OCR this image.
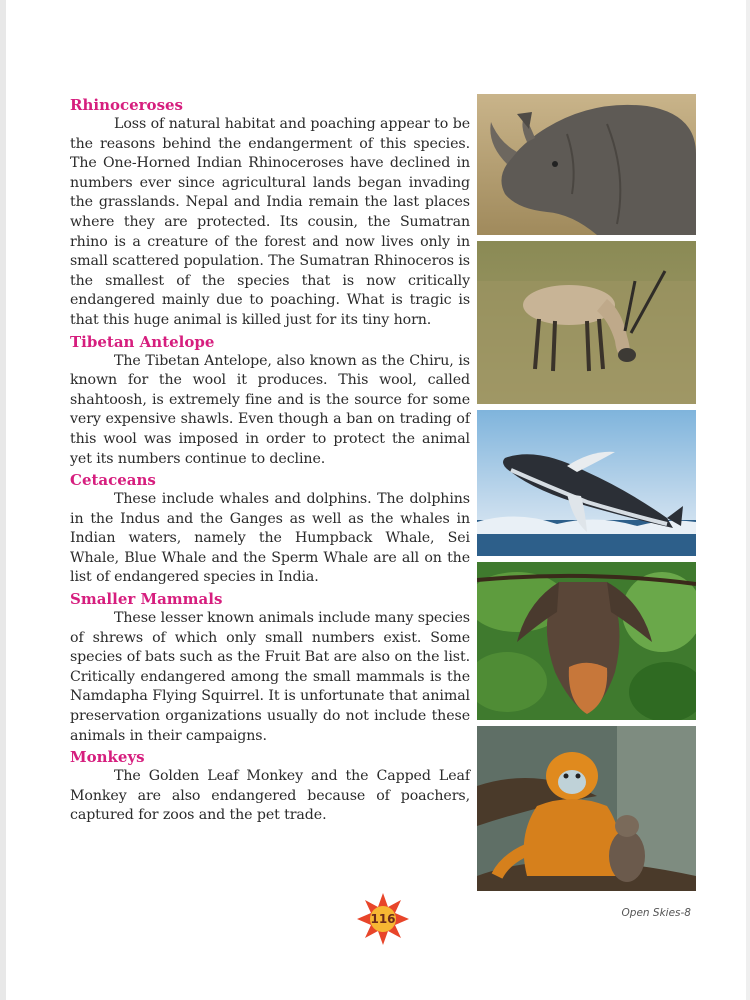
Rhinoceroses

Loss of natural habitat and poaching appear to be the reasons behind the endangerment of this species. The One-Horned Indian Rhinoceroses have declined in numbers ever since agricultural lands began invading the grasslands. Nepal and India remain the last places where they are protected. Its cousin, the Sumatran rhino is a creature of the forest and now lives only in small scattered population. The Sumatran Rhinoceros is the smallest of the species that is now critically endangered mainly due to poaching. What is tragic is that this huge animal is killed just for its tiny horn.

Tibetan Antelope

The Tibetan Antelope, also known as the Chiru, is known for the wool it produces. This wool, called shahtoosh, is extremely fine and is the source for some very expensive shawls. Even though a ban on trading of this wool was imposed in order to protect the animal yet its numbers continue to decline.

Cetaceans

These include whales and dolphins. The dolphins in the Indus and the Ganges as well as the whales in Indian waters, namely the Humpback Whale, Sei Whale, Blue Whale and the Sperm Whale are all on the list of endangered species in India.

Smaller Mammals

These lesser known animals include many species of shrews of which only small numbers exist. Some species of bats such as the Fruit Bat are also on the list. Critically endangered among the small mammals is the Namdapha Flying Squirrel. It is unfortunate that animal preservation organizations usually do not include these animals in their campaigns.

Monkeys

The Golden Leaf Monkey and the Capped Leaf Monkey are also endangered because of poachers, captured for zoos and the pet trade.

116	Open Skies-8
